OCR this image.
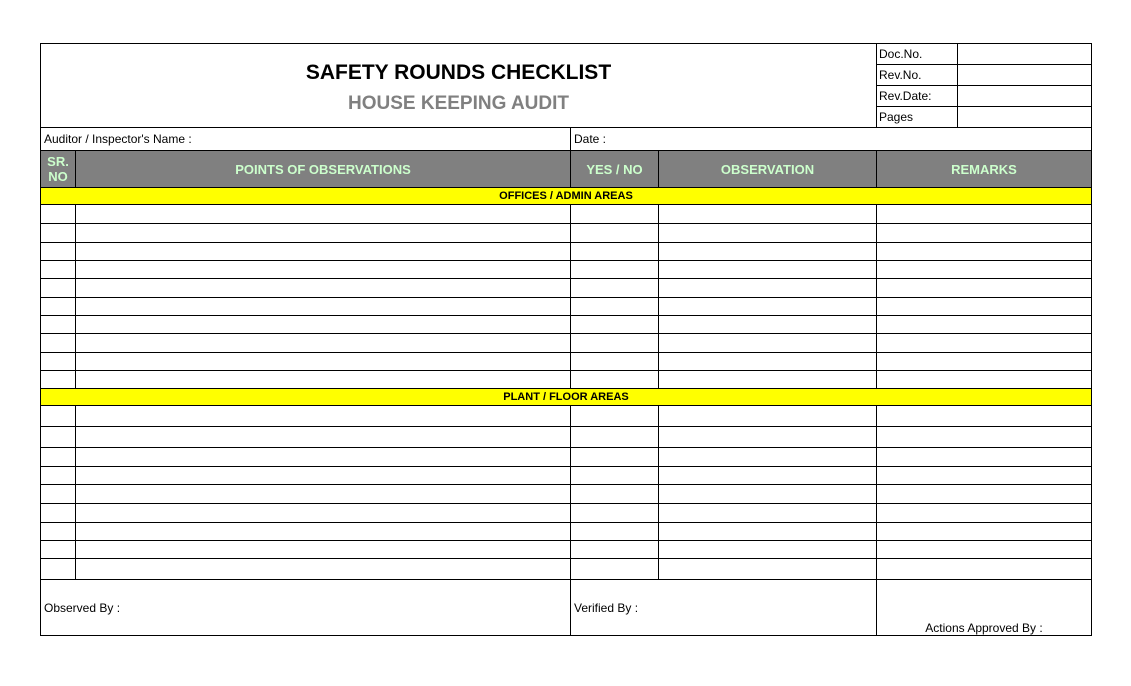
SAFETY ROUNDS CHECKLIST
HOUSE KEEPING AUDIT				Doc.No.	
				Rev.No.	
				Rev.Date:	
				Pages	
Auditor / Inspector's Name :		Date :			
SR. NO	POINTS OF OBSERVATIONS	YES / NO	OBSERVATION	REMARKS	
OFFICES / ADMIN AREAS					

PLANT / FLOOR AREAS					

Observed By :		Verified By :		Actions Approved By :	
